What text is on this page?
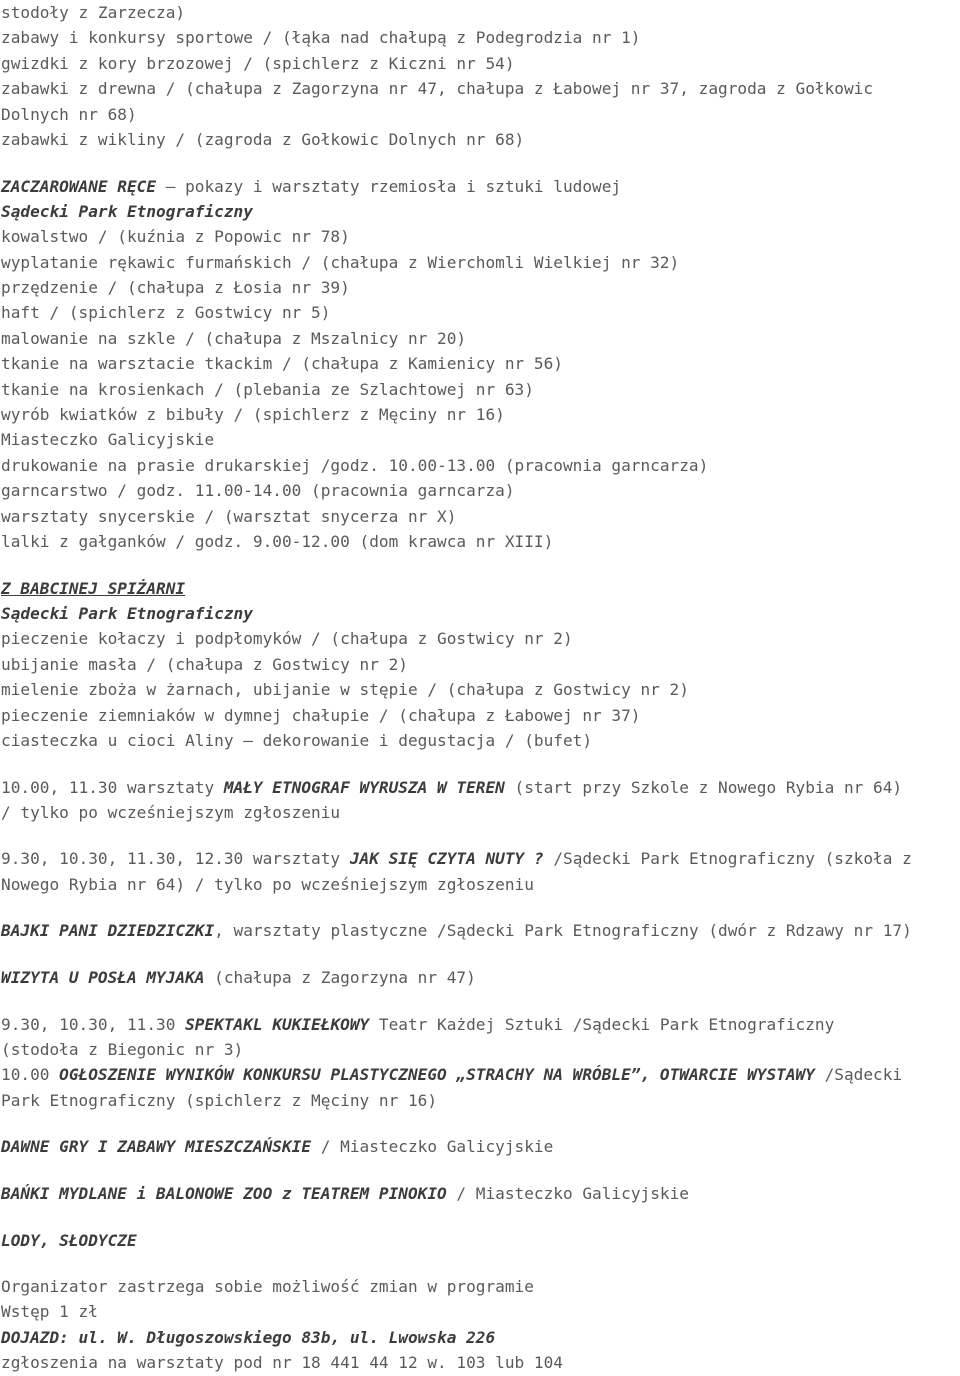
stodoły z Zarzecza)
zabawy i konkursy sportowe / (łąka nad chałupą z Podegrodzia nr 1)
gwizdki z kory brzozowej / (spichlerz z Kiczni nr 54)
zabawki z drewna / (chałupa z Zagorzyna nr 47, chałupa z Łabowej nr 37, zagroda z Gołkowic
Dolnych nr 68)
zabawki z wikliny / (zagroda z Gołkowic Dolnych nr 68)
ZACZAROWANE RĘCE – pokazy i warsztaty rzemiosła i sztuki ludowej
Sądecki Park Etnograficzny
kowalstwo / (kuźnia z Popowic nr 78)
wyplatanie rękawic furmańskich / (chałupa z Wierchomli Wielkiej nr 32)
przędzenie / (chałupa z Łosia nr 39)
haft / (spichlerz z Gostwicy nr 5)
malowanie na szkle / (chałupa z Mszalnicy nr 20)
tkanie na warsztacie tkackim / (chałupa z Kamienicy nr 56)
tkanie na krosienkach / (plebania ze Szlachtowej nr 63)
wyrób kwiatków z bibuły / (spichlerz z Męciny nr 16)
Miasteczko Galicyjskie
drukowanie na prasie drukarskiej /godz. 10.00-13.00 (pracownia garncarza)
garncarstwo / godz. 11.00-14.00 (pracownia garncarza)
warsztaty snycerskie / (warsztat snycerza nr X)
lalki z gałganków / godz. 9.00-12.00 (dom krawca nr XIII)
Z BABCINEJ SPIŻARNI
Sądecki Park Etnograficzny
pieczenie kołaczy i podpłomyków / (chałupa z Gostwicy nr 2)
ubijanie masła / (chałupa z Gostwicy nr 2)
mielenie zboża w żarnach, ubijanie w stępie / (chałupa z Gostwicy nr 2)
pieczenie ziemniaków w dymnej chałupie / (chałupa z Łabowej nr 37)
ciasteczka u cioci Aliny – dekorowanie i degustacja / (bufet)
10.00, 11.30 warsztaty MAŁY ETNOGRAF WYRUSZA W TEREN (start przy Szkole z Nowego Rybia nr 64)
/ tylko po wcześniejszym zgłoszeniu
9.30, 10.30, 11.30, 12.30 warsztaty JAK SIĘ CZYTA NUTY ? /Sądecki Park Etnograficzny (szkoła z
Nowego Rybia nr 64) / tylko po wcześniejszym zgłoszeniu
BAJKI PANI DZIEDZICZKI, warsztaty plastyczne /Sądecki Park Etnograficzny (dwór z Rdzawy nr 17)
WIZYTA U POSŁA MYJAKA (chałupa z Zagorzyna nr 47)
9.30, 10.30, 11.30 SPEKTAKL KUKIEŁKOWY Teatr Każdej Sztuki /Sądecki Park Etnograficzny
(stodoła z Biegonic nr 3)
10.00 OGŁOSZENIE WYNIKÓW KONKURSU PLASTYCZNEGO „STRACHY NA WRÓBLE”, OTWARCIE WYSTAWY /Sądecki
Park Etnograficzny (spichlerz z Męciny nr 16)
DAWNE GRY I ZABAWY MIESZCZAŃSKIE / Miasteczko Galicyjskie
BAŃKI MYDLANE i BALONOWE ZOO z TEATREM PINOKIO / Miasteczko Galicyjskie
LODY, SŁODYCZE
Organizator zastrzega sobie możliwość zmian w programie
Wstęp 1 zł
DOJAZD: ul. W. Długoszowskiego 83b, ul. Lwowska 226
zgłoszenia na warsztaty pod nr 18 441 44 12 w. 103 lub 104
